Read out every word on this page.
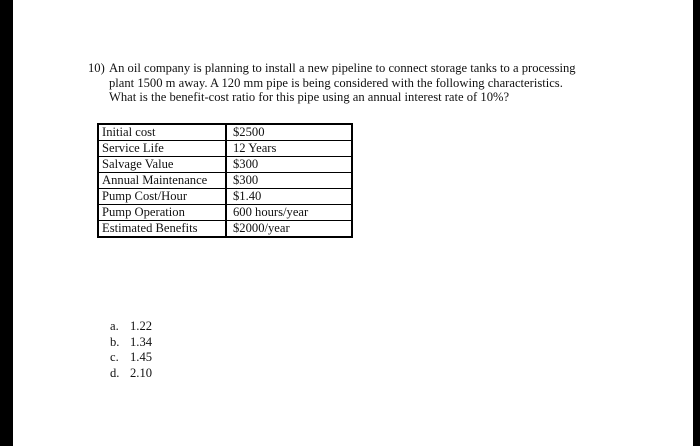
10) An oil company is planning to install a new pipeline to connect storage tanks to a processing
plant 1500 m away. A 120 mm pipe is being considered with the following characteristics.
What is the benefit-cost ratio for this pipe using an annual interest rate of 10%?
Initial cost	$2500
Service Life	12 Years
Salvage Value	$300
Annual Maintenance	$300
Pump Cost/Hour	$1.40
Pump Operation	600 hours/year
Estimated Benefits	$2000/year
a. 1.22
b. 1.34
c. 1.45
d. 2.10
